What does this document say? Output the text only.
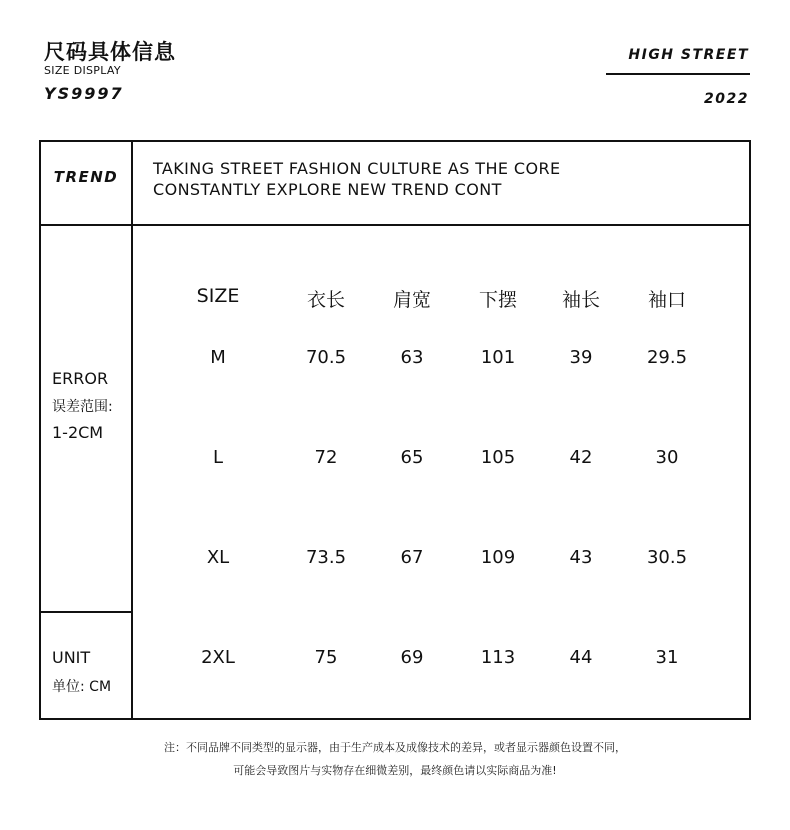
尺码具体信息
SIZE DISPLAY
YS9997
HIGH STREET
2022
TREND	TAKING STREET FASHION CULTURE AS THE CORE
CONSTANTLY EXPLORE NEW TREND CONT
ERROR
误差范围:
1-2CM
UNIT
单位: CM
SIZE	衣长	肩宽	下摆	袖长	袖口
M	70.5	63	101	39	29.5
L	72	65	105	42	30
XL	73.5	67	109	43	30.5
2XL	75	69	113	44	31
注：不同品牌不同类型的显示器，由于生产成本及成像技术的差异，或者显示器颜色设置不同，
可能会导致图片与实物存在细微差别，最终颜色请以实际商品为准!
